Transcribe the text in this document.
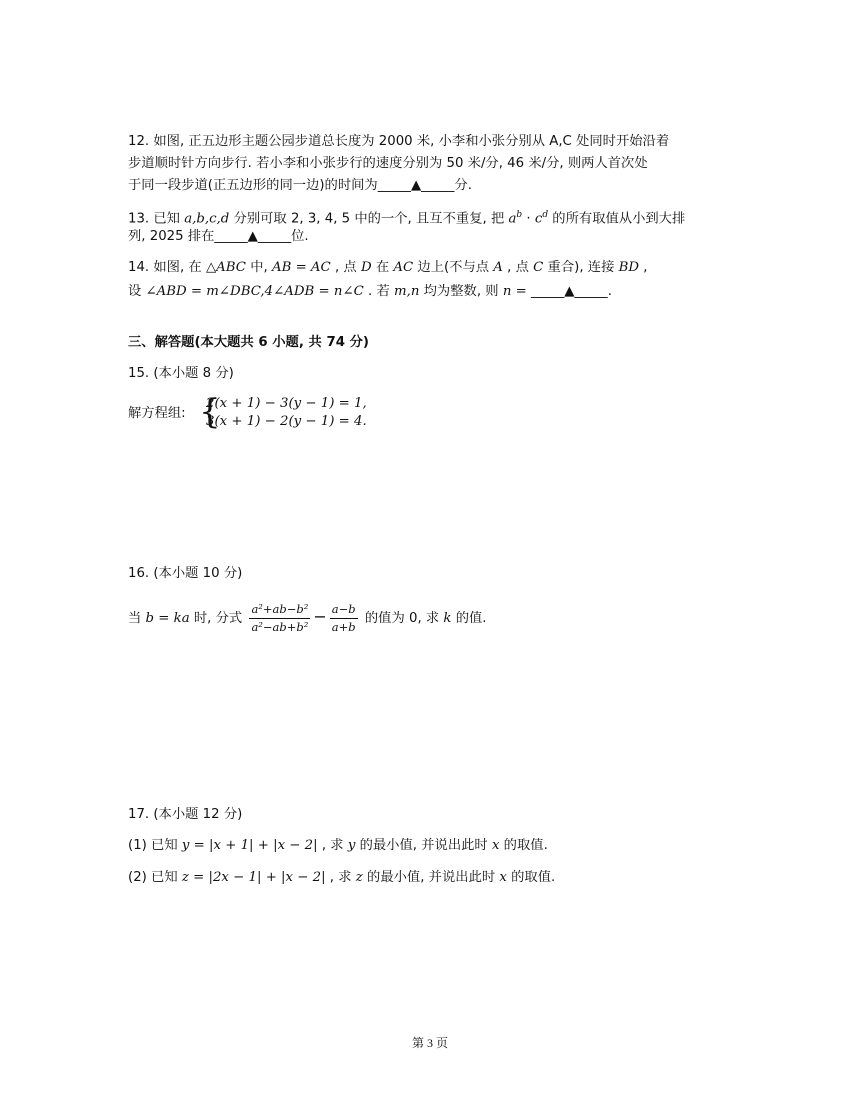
12. 如图, 正五边形主题公园步道总长度为 2000 米, 小李和小张分别从 A,C 处同时开始沿着
步道顺时针方向步行. 若小李和小张步行的速度分别为 50 米/分, 46 米/分, 则两人首次处
于同一段步道(正五边形的同一边)的时间为_____▲_____分.
13. 已知 a,b,c,d 分别可取 2, 3, 4, 5 中的一个, 且互不重复, 把 $a^b \cdot c^d$ 的所有取值从小到大排
列, 2025 排在_____▲_____位.
14. 如图, 在 △ABC 中, AB = AC , 点 D 在 AC 边上(不与点 A , 点 C 重合), 连接 BD ,
设 ∠ABD = m∠DBC,4∠ADB = n∠C . 若 m,n 均为整数, 则 n = _____▲_____.
三、解答题(本大题共 6 小题, 共 74 分)
15. (本小题 8 分)
解方程组: {
2(x + 1) − 3(y − 1) = 1,
3(x + 1) − 2(y − 1) = 4.
16. (本小题 10 分)
当 b = ka 时, 分式 $\frac{\text{a²+ab−b²}}{\text{a²−ab+b²}} - \frac{a-b}{a+b}$ 的值为 0, 求 k 的值.
17. (本小题 12 分)
(1) 已知 y = |x + 1| + |x − 2| , 求 y 的最小值, 并说出此时 x 的取值.
(2) 已知 z = |2x − 1| + |x − 2| , 求 z 的最小值, 并说出此时 x 的取值.
第 3 页
